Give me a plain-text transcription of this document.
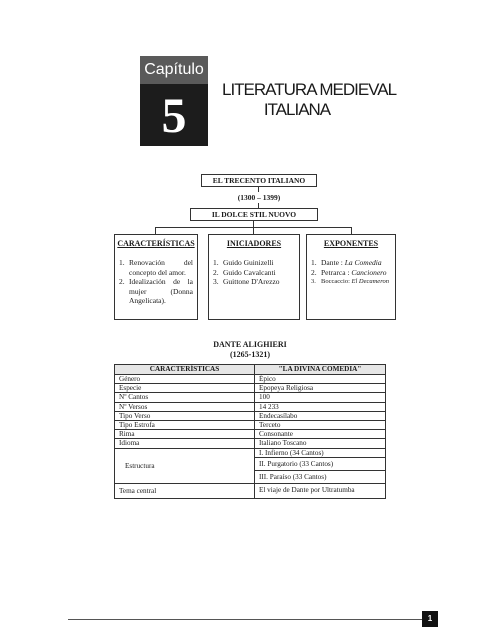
Capítulo
5	LITERATURA MEDIEVAL
ITALIANA
EL TRECENTO ITALIANO
(1300 – 1399)
IL DOLCE STIL NUOVO
CARACTERÍSTICAS
1. Renovación del concepto del amor.
2. Idealización de la mujer (Donna Angelicata).
INICIADORES
1. Guido Guinizelli
2. Guido Cavalcanti
3. Guittone D'Arezzo
EXPONENTES
1. Dante : La Comedia
2. Petrarca : Cancionero
3. Boccaccio: El Decameron
DANTE ALIGHIERI
(1265-1321)
CARACTERÍSTICAS	"LA DIVINA COMEDIA"
Género	Épico
Especie	Epopeya Religiosa
Nº Cantos	100
Nº Versos	14 233
Tipo Verso	Endecasílabo
Tipo Estrofa	Terceto
Rima	Consonante
Idioma	Italiano Toscano
Estructura	I. Infierno (34 Cantos)
	II. Purgatorio (33 Cantos)
	III. Paraíso (33 Cantos)
Tema central	El viaje de Dante por Ultratumba
1
